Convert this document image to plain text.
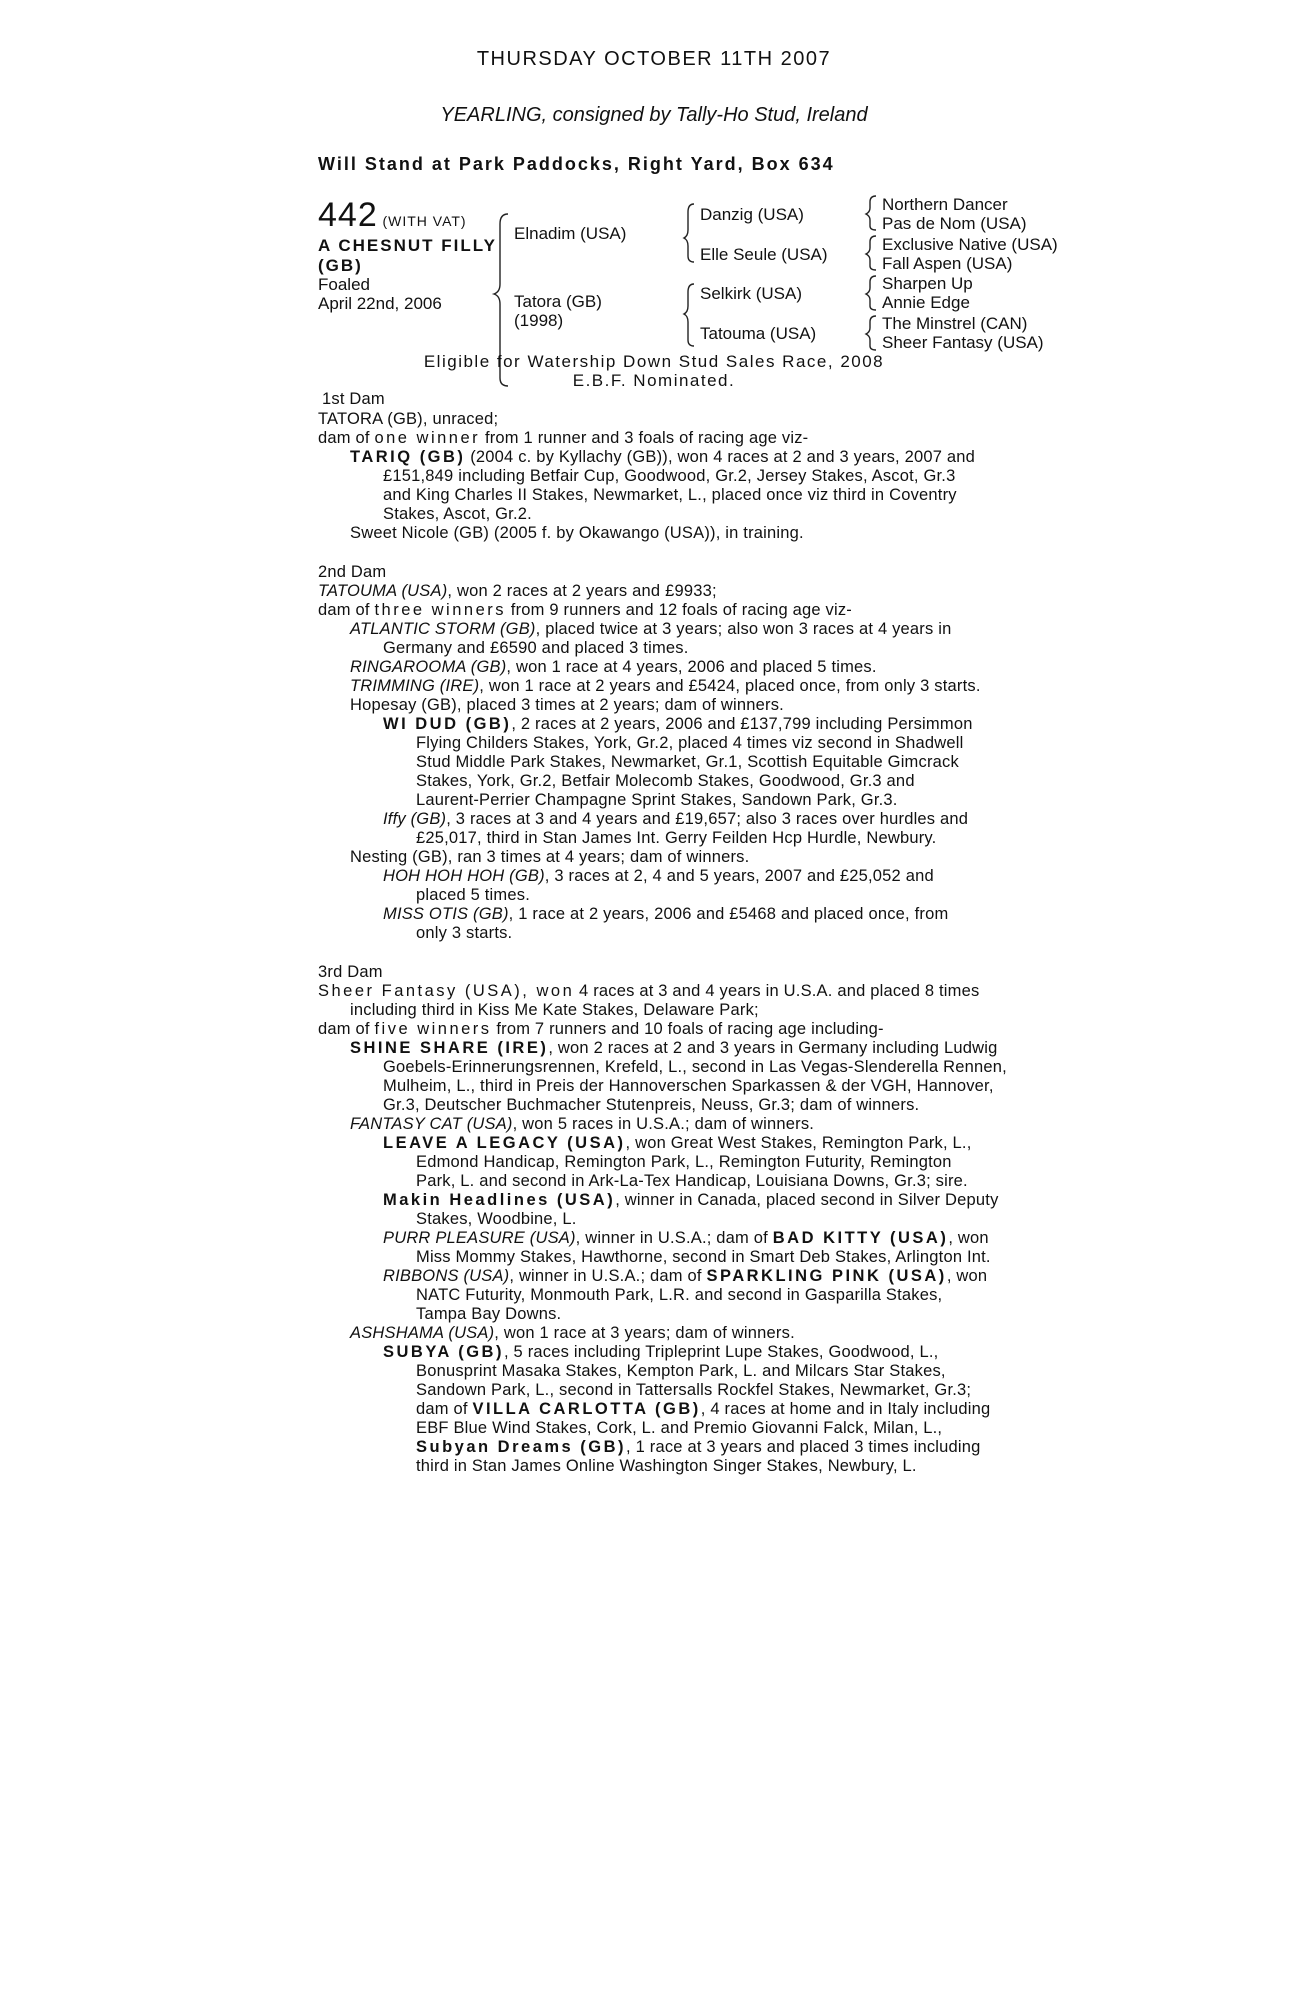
THURSDAY OCTOBER 11TH 2007
YEARLING, consigned by Tally-Ho Stud, Ireland
Will Stand at Park Paddocks, Right Yard, Box 634
442 (WITH VAT)
A CHESNUT FILLY
(GB)
Foaled
April 22nd, 2006
Elnadim (USA)
Tatora (GB)
(1998)
Danzig (USA)
Elle Seule (USA)
Selkirk (USA)
Tatouma (USA)
Northern Dancer
Pas de Nom (USA)
Exclusive Native (USA)
Fall Aspen (USA)
Sharpen Up
Annie Edge
The Minstrel (CAN)
Sheer Fantasy (USA)
Eligible for Watership Down Stud Sales Race, 2008
E.B.F. Nominated.
1st Dam
TATORA (GB), unraced;
dam of one winner from 1 runner and 3 foals of racing age viz-
TARIQ (GB) (2004 c. by Kyllachy (GB)), won 4 races at 2 and 3 years, 2007 and
£151,849 including Betfair Cup, Goodwood, Gr.2, Jersey Stakes, Ascot, Gr.3
and King Charles II Stakes, Newmarket, L., placed once viz third in Coventry
Stakes, Ascot, Gr.2.
Sweet Nicole (GB) (2005 f. by Okawango (USA)), in training.
2nd Dam
TATOUMA (USA), won 2 races at 2 years and £9933;
dam of three winners from 9 runners and 12 foals of racing age viz-
ATLANTIC STORM (GB), placed twice at 3 years; also won 3 races at 4 years in
Germany and £6590 and placed 3 times.
RINGAROOMA (GB), won 1 race at 4 years, 2006 and placed 5 times.
TRIMMING (IRE), won 1 race at 2 years and £5424, placed once, from only 3 starts.
Hopesay (GB), placed 3 times at 2 years; dam of winners.
WI DUD (GB), 2 races at 2 years, 2006 and £137,799 including Persimmon
Flying Childers Stakes, York, Gr.2, placed 4 times viz second in Shadwell
Stud Middle Park Stakes, Newmarket, Gr.1, Scottish Equitable Gimcrack
Stakes, York, Gr.2, Betfair Molecomb Stakes, Goodwood, Gr.3 and
Laurent-Perrier Champagne Sprint Stakes, Sandown Park, Gr.3.
Iffy (GB), 3 races at 3 and 4 years and £19,657; also 3 races over hurdles and
£25,017, third in Stan James Int. Gerry Feilden Hcp Hurdle, Newbury.
Nesting (GB), ran 3 times at 4 years; dam of winners.
HOH HOH HOH (GB), 3 races at 2, 4 and 5 years, 2007 and £25,052 and
placed 5 times.
MISS OTIS (GB), 1 race at 2 years, 2006 and £5468 and placed once, from
only 3 starts.
3rd Dam
Sheer Fantasy (USA), won 4 races at 3 and 4 years in U.S.A. and placed 8 times
including third in Kiss Me Kate Stakes, Delaware Park;
dam of five winners from 7 runners and 10 foals of racing age including-
SHINE SHARE (IRE), won 2 races at 2 and 3 years in Germany including Ludwig
Goebels-Erinnerungsrennen, Krefeld, L., second in Las Vegas-Slenderella Rennen,
Mulheim, L., third in Preis der Hannoverschen Sparkassen & der VGH, Hannover,
Gr.3, Deutscher Buchmacher Stutenpreis, Neuss, Gr.3; dam of winners.
FANTASY CAT (USA), won 5 races in U.S.A.; dam of winners.
LEAVE A LEGACY (USA), won Great West Stakes, Remington Park, L.,
Edmond Handicap, Remington Park, L., Remington Futurity, Remington
Park, L. and second in Ark-La-Tex Handicap, Louisiana Downs, Gr.3; sire.
Makin Headlines (USA), winner in Canada, placed second in Silver Deputy
Stakes, Woodbine, L.
PURR PLEASURE (USA), winner in U.S.A.; dam of BAD KITTY (USA), won
Miss Mommy Stakes, Hawthorne, second in Smart Deb Stakes, Arlington Int.
RIBBONS (USA), winner in U.S.A.; dam of SPARKLING PINK (USA), won
NATC Futurity, Monmouth Park, L.R. and second in Gasparilla Stakes,
Tampa Bay Downs.
ASHSHAMA (USA), won 1 race at 3 years; dam of winners.
SUBYA (GB), 5 races including Tripleprint Lupe Stakes, Goodwood, L.,
Bonusprint Masaka Stakes, Kempton Park, L. and Milcars Star Stakes,
Sandown Park, L., second in Tattersalls Rockfel Stakes, Newmarket, Gr.3;
dam of VILLA CARLOTTA (GB), 4 races at home and in Italy including
EBF Blue Wind Stakes, Cork, L. and Premio Giovanni Falck, Milan, L.,
Subyan Dreams (GB), 1 race at 3 years and placed 3 times including
third in Stan James Online Washington Singer Stakes, Newbury, L.
